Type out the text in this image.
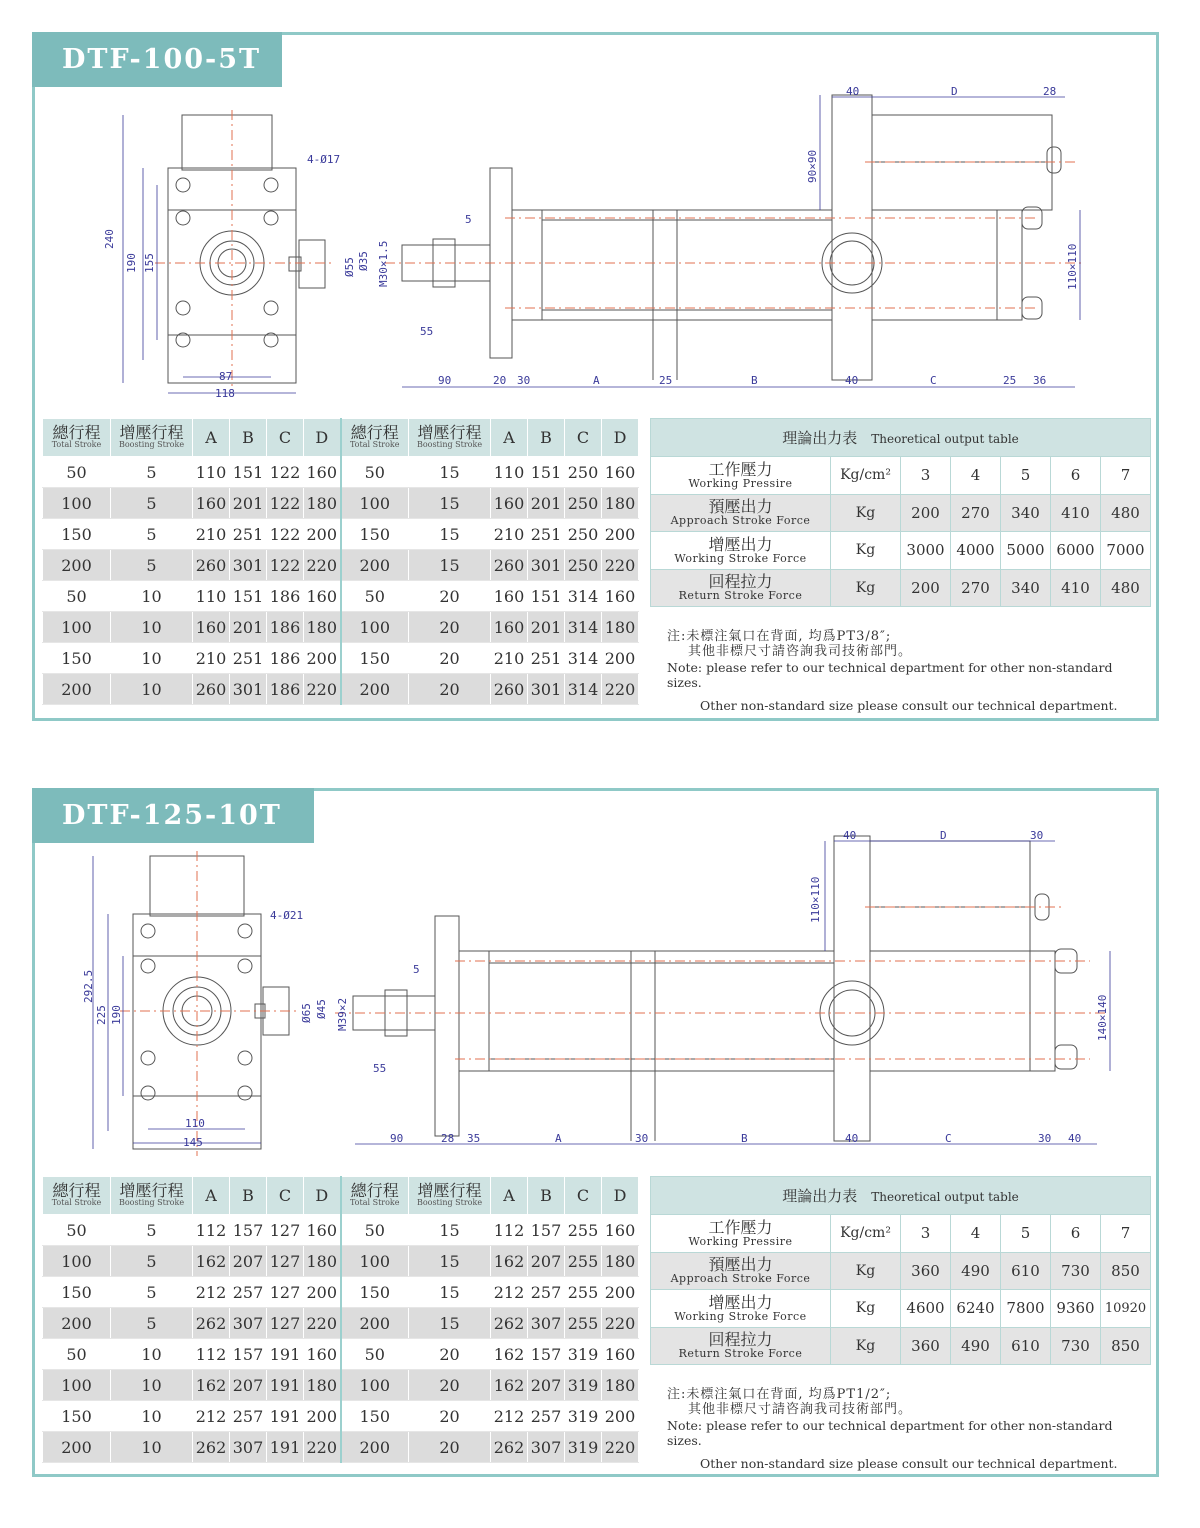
240
190 155
87
118
4-Ø17
5
55
Ø55 Ø35 M30×1.5
90	20 30	A	25	B	40	C	25 36
40	D	28
90×90
110×110
DTF-100-5T
總行程
Total Stroke	增壓行程
Boosting Stroke	A	B	C	D	總行程
Total Stroke	增壓行程
Boosting Stroke	A	B	C	D
50	5	110	151	122	160	50	15	110	151	250	160
100	5	160	201	122	180	100	15	160	201	250	180
150	5	210	251	122	200	150	15	210	251	250	200
200	5	260	301	122	220	200	15	260	301	250	220
50	10	110	151	186	160	50	20	160	151	314	160
100	10	160	201	186	180	100	20	160	201	314	180
150	10	210	251	186	200	150	20	210	251	314	200
200	10	260	301	186	220	200	20	260	301	314	220
理論出力表 Theoretical output table						

工作壓力
Working Pressire	Kg/cm²	3	4	5	6	7

預壓出力
Approach Stroke Force	Kg	200	270	340	410	480

增壓出力
Working Stroke Force	Kg	3000	4000	5000	6000	7000

回程拉力
Return Stroke Force	Kg	200	270	340	410	480
注:未標注氣口在背面, 均爲PT3/8″;
其他非標尺寸請咨詢我司技術部門。
Note: please refer to our technical department for other non-standard sizes.
Other non-standard size please consult our technical department.
292.5
225 190
110
145
4-Ø21
5
55
Ø65 Ø45 M39×2
90	28 35	A	30	B	40	C	30 40
40	D	30
110×110
140×140
DTF-125-10T
總行程
Total Stroke	增壓行程
Boosting Stroke	A	B	C	D	總行程
Total Stroke	增壓行程
Boosting Stroke	A	B	C	D
50	5	112	157	127	160	50	15	112	157	255	160
100	5	162	207	127	180	100	15	162	207	255	180
150	5	212	257	127	200	150	15	212	257	255	200
200	5	262	307	127	220	200	15	262	307	255	220
50	10	112	157	191	160	50	20	162	157	319	160
100	10	162	207	191	180	100	20	162	207	319	180
150	10	212	257	191	200	150	20	212	257	319	200
200	10	262	307	191	220	200	20	262	307	319	220
理論出力表 Theoretical output table						

工作壓力
Working Pressire	Kg/cm²	3	4	5	6	7

預壓出力
Approach Stroke Force	Kg	360	490	610	730	850

增壓出力
Working Stroke Force	Kg	4600	6240	7800	9360	10920

回程拉力
Return Stroke Force	Kg	360	490	610	730	850
注:未標注氣口在背面, 均爲PT1/2″;
其他非標尺寸請咨詢我司技術部門。
Note: please refer to our technical department for other non-standard sizes.
Other non-standard size please consult our technical department.
